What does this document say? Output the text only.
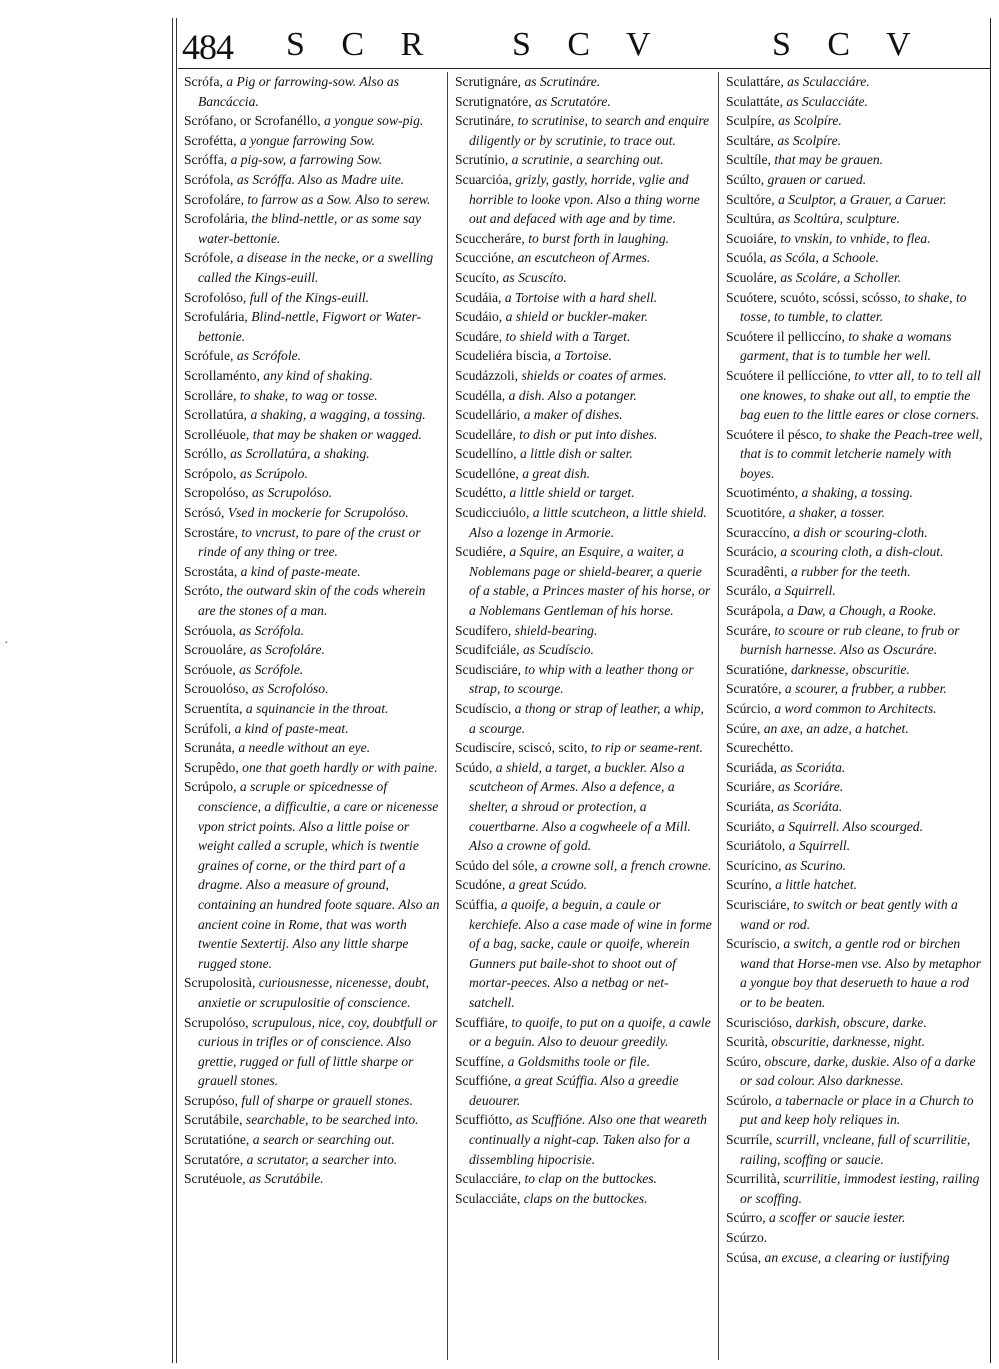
·
484 S C R S C V	S C V

Scrófa, a Pig or farrowing-sow. Also as Bancáccia.

Scrófano, or Scrofanéllo, a yongue sow-pig.

Scrofétta, a yongue farrowing Sow.

Scróffa, a pig-sow, a farrowing Sow.

Scrófola, as Scróffa. Also as Madre uite.

Scrofoláre, to farrow as a Sow. Also to serew.

Scrofolária, the blind-nettle, or as some say water-bettonie.

Scrófole, a disease in the necke, or a swelling called the Kings-euill.

Scrofolóso, full of the Kings-euill.

Scrofulária, Blind-nettle, Figwort or Water-bettonie.

Scrófule, as Scrófole.

Scrollaménto, any kind of shaking.

Scrolláre, to shake, to wag or tosse.

Scrollatúra, a shaking, a wagging, a tossing.

Scrolléuole, that may be shaken or wagged.

Scróllo, as Scrollatúra, a shaking.

Scrópolo, as Scrúpolo.

Scropolóso, as Scrupolóso.

Scrósó, Vsed in mockerie for Scrupolóso.

Scrostáre, to vncrust, to pare of the crust or rinde of any thing or tree.

Scrostáta, a kind of paste-meate.

Scróto, the outward skin of the cods wherein are the stones of a man.

Scróuola, as Scrófola.

Scrouoláre, as Scrofoláre.

Scróuole, as Scrófole.

Scrouolóso, as Scrofolóso.

Scruentíta, a squinancie in the throat.

Scrúfoli, a kind of paste-meat.

Scrunáta, a needle without an eye.

Scrupêdo, one that goeth hardly or with paine.

Scrúpolo, a scruple or spicednesse of conscience, a difficultie, a care or nicenesse vpon strict points. Also a little poise or weight called a scruple, which is twentie graines of corne, or the third part of a dragme. Also a measure of ground, containing an hundred foote square. Also an ancient coine in Rome, that was worth twentie Sextertij. Also any little sharpe rugged stone.

Scrupolosità, curiousnesse, nicenesse, doubt, anxietie or scrupulositie of conscience.

Scrupolóso, scrupulous, nice, coy, doubtfull or curious in trifles or of conscience. Also grettie, rugged or full of little sharpe or grauell stones.

Scrupóso, full of sharpe or grauell stones.

Scrutábile, searchable, to be searched into.

Scrutatióne, a search or searching out.

Scrutatóre, a scrutator, a searcher into.

Scrutéuole, as Scrutábile.

Scrutignáre, as Scrutináre.

Scrutignatóre, as Scrutatóre.

Scrutináre, to scrutinise, to search and enquire diligently or by scrutinie, to trace out.

Scrutínio, a scrutinie, a searching out.

Scuarcióa, grizly, gastly, horride, vglie and horrible to looke vpon. Also a thing worne out and defaced with age and by time.

Scuccheráre, to burst forth in laughing.

Scuccióne, an escutcheon of Armes.

Scucíto, as Scuscíto.

Scudáia, a Tortoise with a hard shell.

Scudáio, a shield or buckler-maker.

Scudáre, to shield with a Target.

Scudeliéra bíscia, a Tortoise.

Scudázzoli, shields or coates of armes.

Scudélla, a dish. Also a potanger.

Scudellário, a maker of dishes.

Scudelláre, to dish or put into dishes.

Scudellíno, a little dish or salter.

Scudellóne, a great dish.

Scudétto, a little shield or target.

Scudicciuólo, a little scutcheon, a little shield. Also a lozenge in Armorie.

Scudiére, a Squire, an Esquire, a waiter, a Noblemans page or shield-bearer, a querie of a stable, a Princes master of his horse, or a Noblemans Gentleman of his horse.

Scudífero, shield-bearing.

Scudifciále, as Scudíscio.

Scudisciáre, to whip with a leather thong or strap, to scourge.

Scudíscio, a thong or strap of leather, a whip, a scourge.

Scudiscíre, sciscó, scito, to rip or seame-rent.

Scúdo, a shield, a target, a buckler. Also a scutcheon of Armes. Also a defence, a shelter, a shroud or protection, a couertbarne. Also a cogwheele of a Mill. Also a crowne of gold.

Scúdo del sóle, a crowne soll, a french crowne.

Scudóne, a great Scúdo.

Scúffia, a quoife, a beguin, a caule or kerchiefe. Also a case made of wine in forme of a bag, sacke, caule or quoife, wherein Gunners put baile-shot to shoot out of mortar-peeces. Also a netbag or net-satchell.

Scuffiáre, to quoife, to put on a quoife, a cawle or a beguin. Also to deuour greedily.

Scuffíne, a Goldsmiths toole or file.

Scuffióne, a great Scúffia. Also a greedie deuourer.

Scuffiótto, as Scuffióne. Also one that weareth continually a night-cap. Taken also for a dissembling hipocrisie.

Sculacciáre, to clap on the buttockes.

Sculacciáte, claps on the buttockes.

Sculattáre, as Sculacciáre.

Sculattáte, as Sculacciáte.

Sculpíre, as Scolpíre.

Scultáre, as Scolpíre.

Scultíle, that may be grauen.

Scúlto, grauen or carued.

Scultóre, a Sculptor, a Grauer, a Caruer.

Scultúra, as Scoltúra, sculpture.

Scuoiáre, to vnskin, to vnhide, to flea.

Scuóla, as Scóla, a Schoole.

Scuoláre, as Scoláre, a Scholler.

Scuótere, scuóto, scóssi, scósso, to shake, to tosse, to tumble, to clatter.

Scuótere il pelliccíno, to shake a womans garment, that is to tumble her well.

Scuótere il pellíccióne, to vtter all, to to tell all one knowes, to shake out all, to emptie the bag euen to the little eares or close corners.

Scuótere il pésco, to shake the Peach-tree well, that is to commit letcherie namely with boyes.

Scuotiménto, a shaking, a tossing.

Scuotitóre, a shaker, a tosser.

Scuraccíno, a dish or scouring-cloth.

Scurácio, a scouring cloth, a dish-clout.

Scuradênti, a rubber for the teeth.

Scurálo, a Squirrell.

Scurápola, a Daw, a Chough, a Rooke.

Scuráre, to scoure or rub cleane, to frub or burnish harnesse. Also as Oscuráre.

Scuratióne, darknesse, obscuritie.

Scuratóre, a scourer, a frubber, a rubber.

Scúrcio, a word common to Architects.

Scúre, an axe, an adze, a hatchet.

Scurechétto.

Scuriáda, as Scoriáta.

Scuriáre, as Scoriáre.

Scuriáta, as Scoriáta.

Scuriáto, a Squirrell. Also scourged.

Scuriátolo, a Squirrell.

Scurícino, as Scurino.

Scuríno, a little hatchet.

Scurisciáre, to switch or beat gently with a wand or rod.

Scurísciо, a switch, a gentle rod or birchen wand that Horse-men vse. Also by metaphor a yongue boy that deserueth to haue a rod or to be beaten.

Scurisciósо, darkish, obscure, darke.

Scurità, obscuritie, darknesse, night.

Scúro, obscure, darke, duskie. Also of a darke or sad colour. Also darknesse.

Scúrolo, a tabernacle or place in a Church to put and keep holy reliques in.

Scurríle, scurrill, vncleane, full of scurrilitie, railing, scoffing or saucie.

Scurrilità, scurrilitie, immodest iesting, railing or scoffing.

Scúrro, a scoffer or saucie iester.

Scúrzo.

Scúsa, an excuse, a clearing or iustifying
